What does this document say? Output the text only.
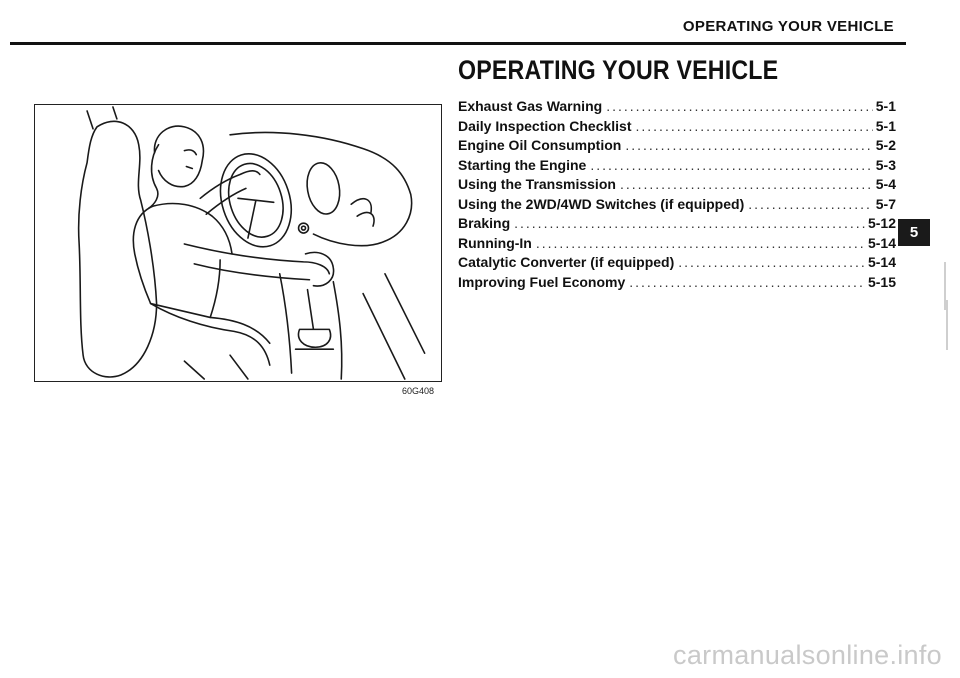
OPERATING YOUR VEHICLE
OPERATING YOUR VEHICLE
60G408
Exhaust Gas Warning .....	5-1
Daily Inspection Checklist .....	5-1
Engine Oil Consumption .....	5-2
Starting the Engine .....	5-3
Using the Transmission .....	5-4
Using the 2WD/4WD Switches (if equipped) .....	5-7
Braking .....	5-12
Running-In .....	5-14
Catalytic Converter (if equipped) .....	5-14
Improving Fuel Economy .....	5-15
5
carmanualsonline.info
